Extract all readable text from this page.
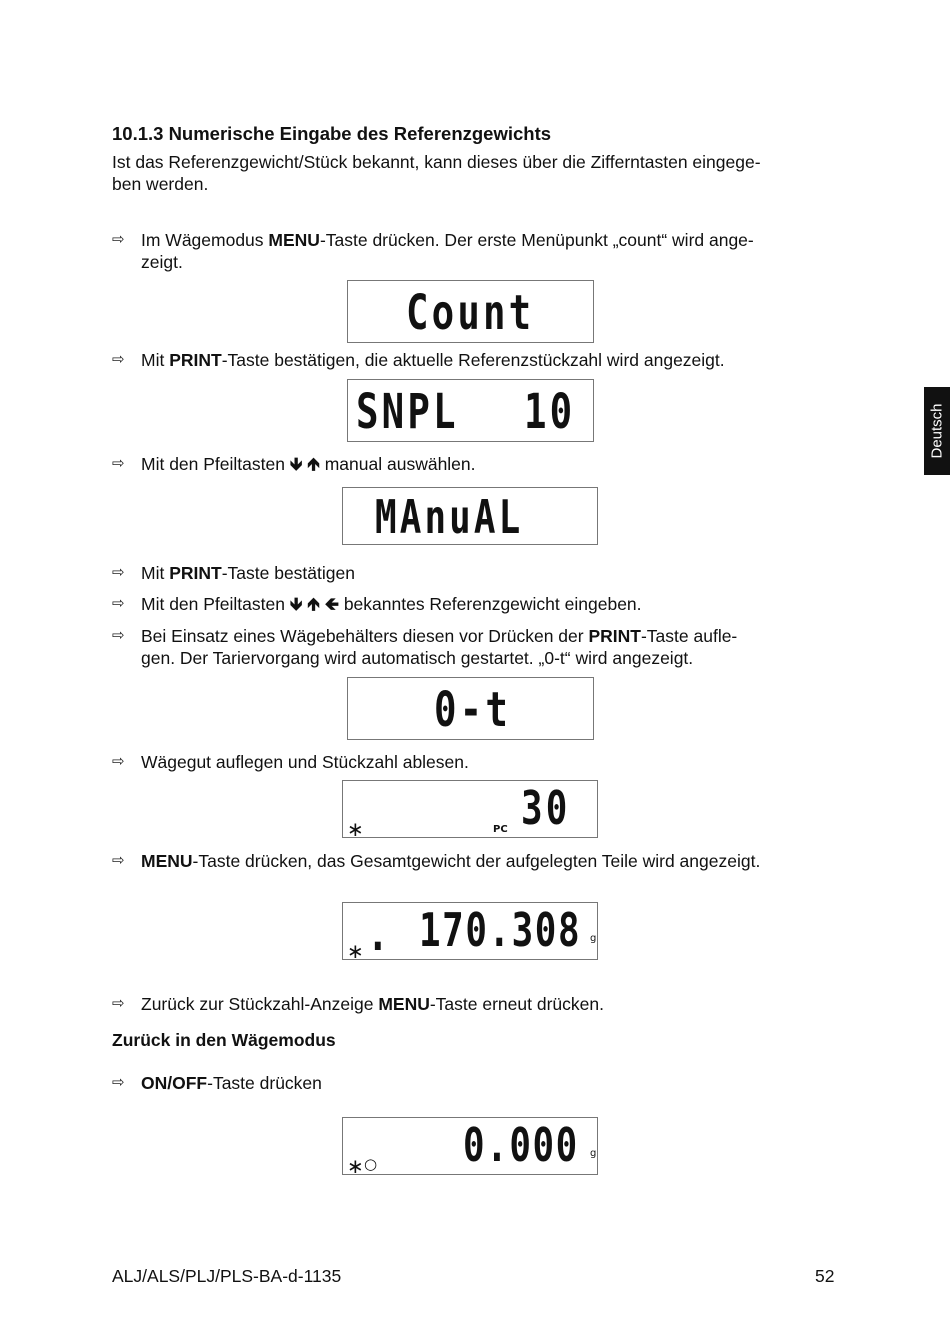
10.1.3 Numerische Eingabe des Referenzgewichts
Ist das Referenzgewicht/Stück bekannt, kann dieses über die Zifferntasten eingege-
ben werden.
⇨ Im Wägemodus MENU-Taste drücken. Der erste Menüpunkt „count“ wird ange-
zeigt.
Count
⇨ Mit PRINT-Taste bestätigen, die aktuelle Referenzstückzahl wird angezeigt.
SNPL 10
⇨ Mit den Pfeiltasten 🡻 🡹 manual auswählen.
MAnuAL
⇨ Mit PRINT-Taste bestätigen
⇨ Mit den Pfeiltasten 🡻 🡹 🡸 bekanntes Referenzgewicht eingeben.
⇨ Bei Einsatz eines Wägebehälters diesen vor Drücken der PRINT-Taste aufle-
gen. Der Tariervorgang wird automatisch gestartet. „0-t“ wird angezeigt.
0-t
⇨ Wägegut auflegen und Stückzahl ablesen.
30
PC
∗
⇨ MENU-Taste drücken, das Gesamtgewicht der aufgelegten Teile wird angezeigt.
. 170.308 g
∗
⇨ Zurück zur Stückzahl-Anzeige MENU-Taste erneut drücken.
Zurück in den Wägemodus
⇨ ON/OFF-Taste drücken
0.000 g
∗ ○
Deutsch
ALJ/ALS/PLJ/PLS-BA-d-1135	52
